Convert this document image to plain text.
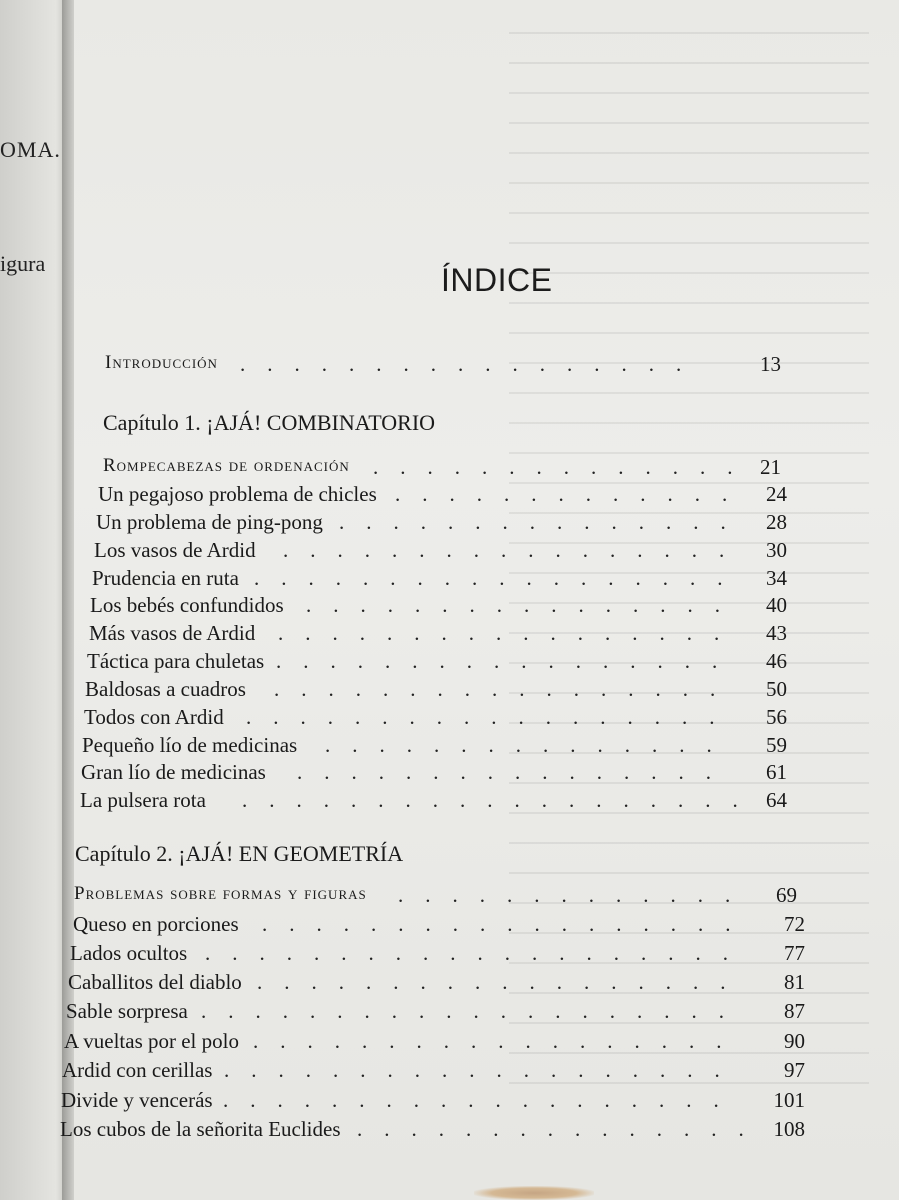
OMA.
igura	ÍNDICE
Introducción	13
.................
Capítulo 1. ¡AJÁ! COMBINATORIO
Rompecabezas de ordenación	21
..............
Un pegajoso problema de chicles	24
.............
Un problema de ping-pong	28
...............
Los vasos de Ardid	30
.................
Prudencia en ruta	34
..................
Los bebés confundidos	40
................
Más vasos de Ardid	43
.................
Táctica para chuletas	46
.................
Baldosas a cuadros	50
.................
Todos con Ardid	56
..................
Pequeño lío de medicinas	59
...............
Gran lío de medicinas	61
................
La pulsera rota	64
...................
Capítulo 2. ¡AJÁ! EN GEOMETRÍA
Problemas sobre formas y figuras	69
.............
Queso en porciones	72
..................
Lados ocultos	77
....................
Caballitos del diablo	81
..................
Sable sorpresa	87
....................
A vueltas por el polo	90
..................
Ardid con cerillas	97
...................
Divide y vencerás	101
...................
Los cubos de la señorita Euclides	108
...............
